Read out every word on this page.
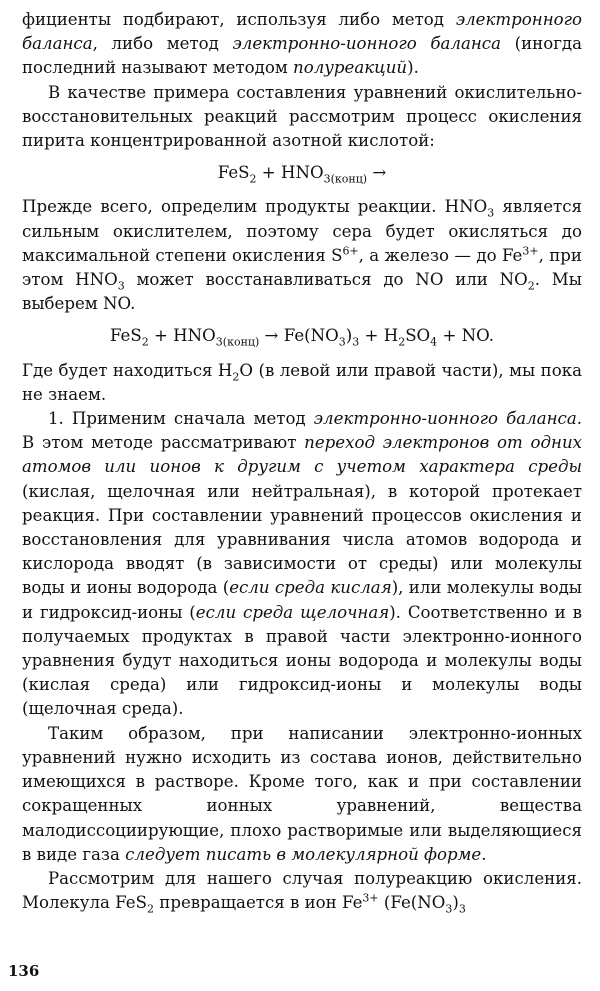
фициенты подбирают, используя либо метод электронного баланса, либо метод электронно-ионного баланса (иногда последний называют методом полуреакций).

В качестве примера составления уравнений окислительно-восстановительных реакций рассмотрим процесс окисления пирита концентрированной азотной кислотой:

$FeS_2 + HNO_{3(конц)}$ →

Прежде всего, определим продукты реакции. $HNO_3$ является сильным окислителем, поэтому сера будет окисляться до максимальной степени окисления $S^{6+}$, а железо — до $Fe^{3+}$, при этом $HNO_3$ может восстанавливаться до NO или $NO_2$. Мы выберем NO.

$FeS_2 + HNO_{3(конц)} \to Fe(NO_3)_3 + H_2SO_4$ + NO.

Где будет находиться $H_2O$ (в левой или правой части), мы пока не знаем.

1. Применим сначала метод электронно-ионного баланса. В этом методе рассматривают переход электронов от одних атомов или ионов к другим с учетом характера среды (кислая, щелочная или нейтральная), в которой протекает реакция. При составлении уравнений процессов окисления и восстановления для уравнивания числа атомов водорода и кислорода вводят (в зависимости от среды) или молекулы воды и ионы водорода (если среда кислая), или молекулы воды и гидроксид-ионы (если среда щелочная). Соответственно и в получаемых продуктах в правой части электронно-ионного уравнения будут находиться ионы водорода и молекулы воды (кислая среда) или гидроксид-ионы и молекулы воды (щелочная среда).

Таким образом, при написании электронно-ионных уравнений нужно исходить из состава ионов, действительно имеющихся в растворе. Кроме того, как и при составлении сокращенных ионных уравнений, вещества малодиссоциирующие, плохо растворимые или выделяющиеся в виде газа следует писать в молекулярной форме.

Рассмотрим для нашего случая полуреакцию окисления. Молекула FeS$_2$ превращается в ион $Fe^{3+}$ ($Fe(NO_3)_3$

136
